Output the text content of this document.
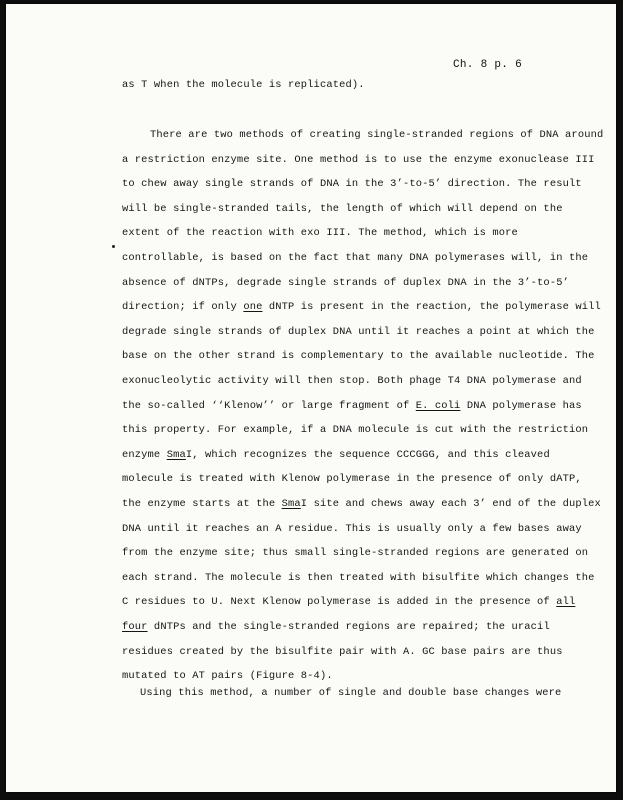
Ch. 8 p. 6
as T when the molecule is replicated).
There are two methods of creating single-stranded regions of DNA around
a restriction enzyme site. One method is to use the enzyme exonuclease III
to chew away single strands of DNA in the 3’-to-5’ direction. The result
will be single-stranded tails, the length of which will depend on the
extent of the reaction with exo III. The method, which is more
controllable, is based on the fact that many DNA polymerases will, in the
absence of dNTPs, degrade single strands of duplex DNA in the 3’-to-5’
direction; if only one dNTP is present in the reaction, the polymerase will
degrade single strands of duplex DNA until it reaches a point at which the
base on the other strand is complementary to the available nucleotide. The
exonucleolytic activity will then stop. Both phage T4 DNA polymerase and
the so-called ‘‘Klenow’’ or large fragment of E. coli DNA polymerase has
this property. For example, if a DNA molecule is cut with the restriction
enzyme SmaI, which recognizes the sequence CCCGGG, and this cleaved
molecule is treated with Klenow polymerase in the presence of only dATP,
the enzyme starts at the SmaI site and chews away each 3’ end of the duplex
DNA until it reaches an A residue. This is usually only a few bases away
from the enzyme site; thus small single-stranded regions are generated on
each strand. The molecule is then treated with bisulfite which changes the
C residues to U. Next Klenow polymerase is added in the presence of all
four dNTPs and the single-stranded regions are repaired; the uracil
residues created by the bisulfite pair with A. GC base pairs are thus
mutated to AT pairs (Figure 8-4).
Using this method, a number of single and double base changes were
